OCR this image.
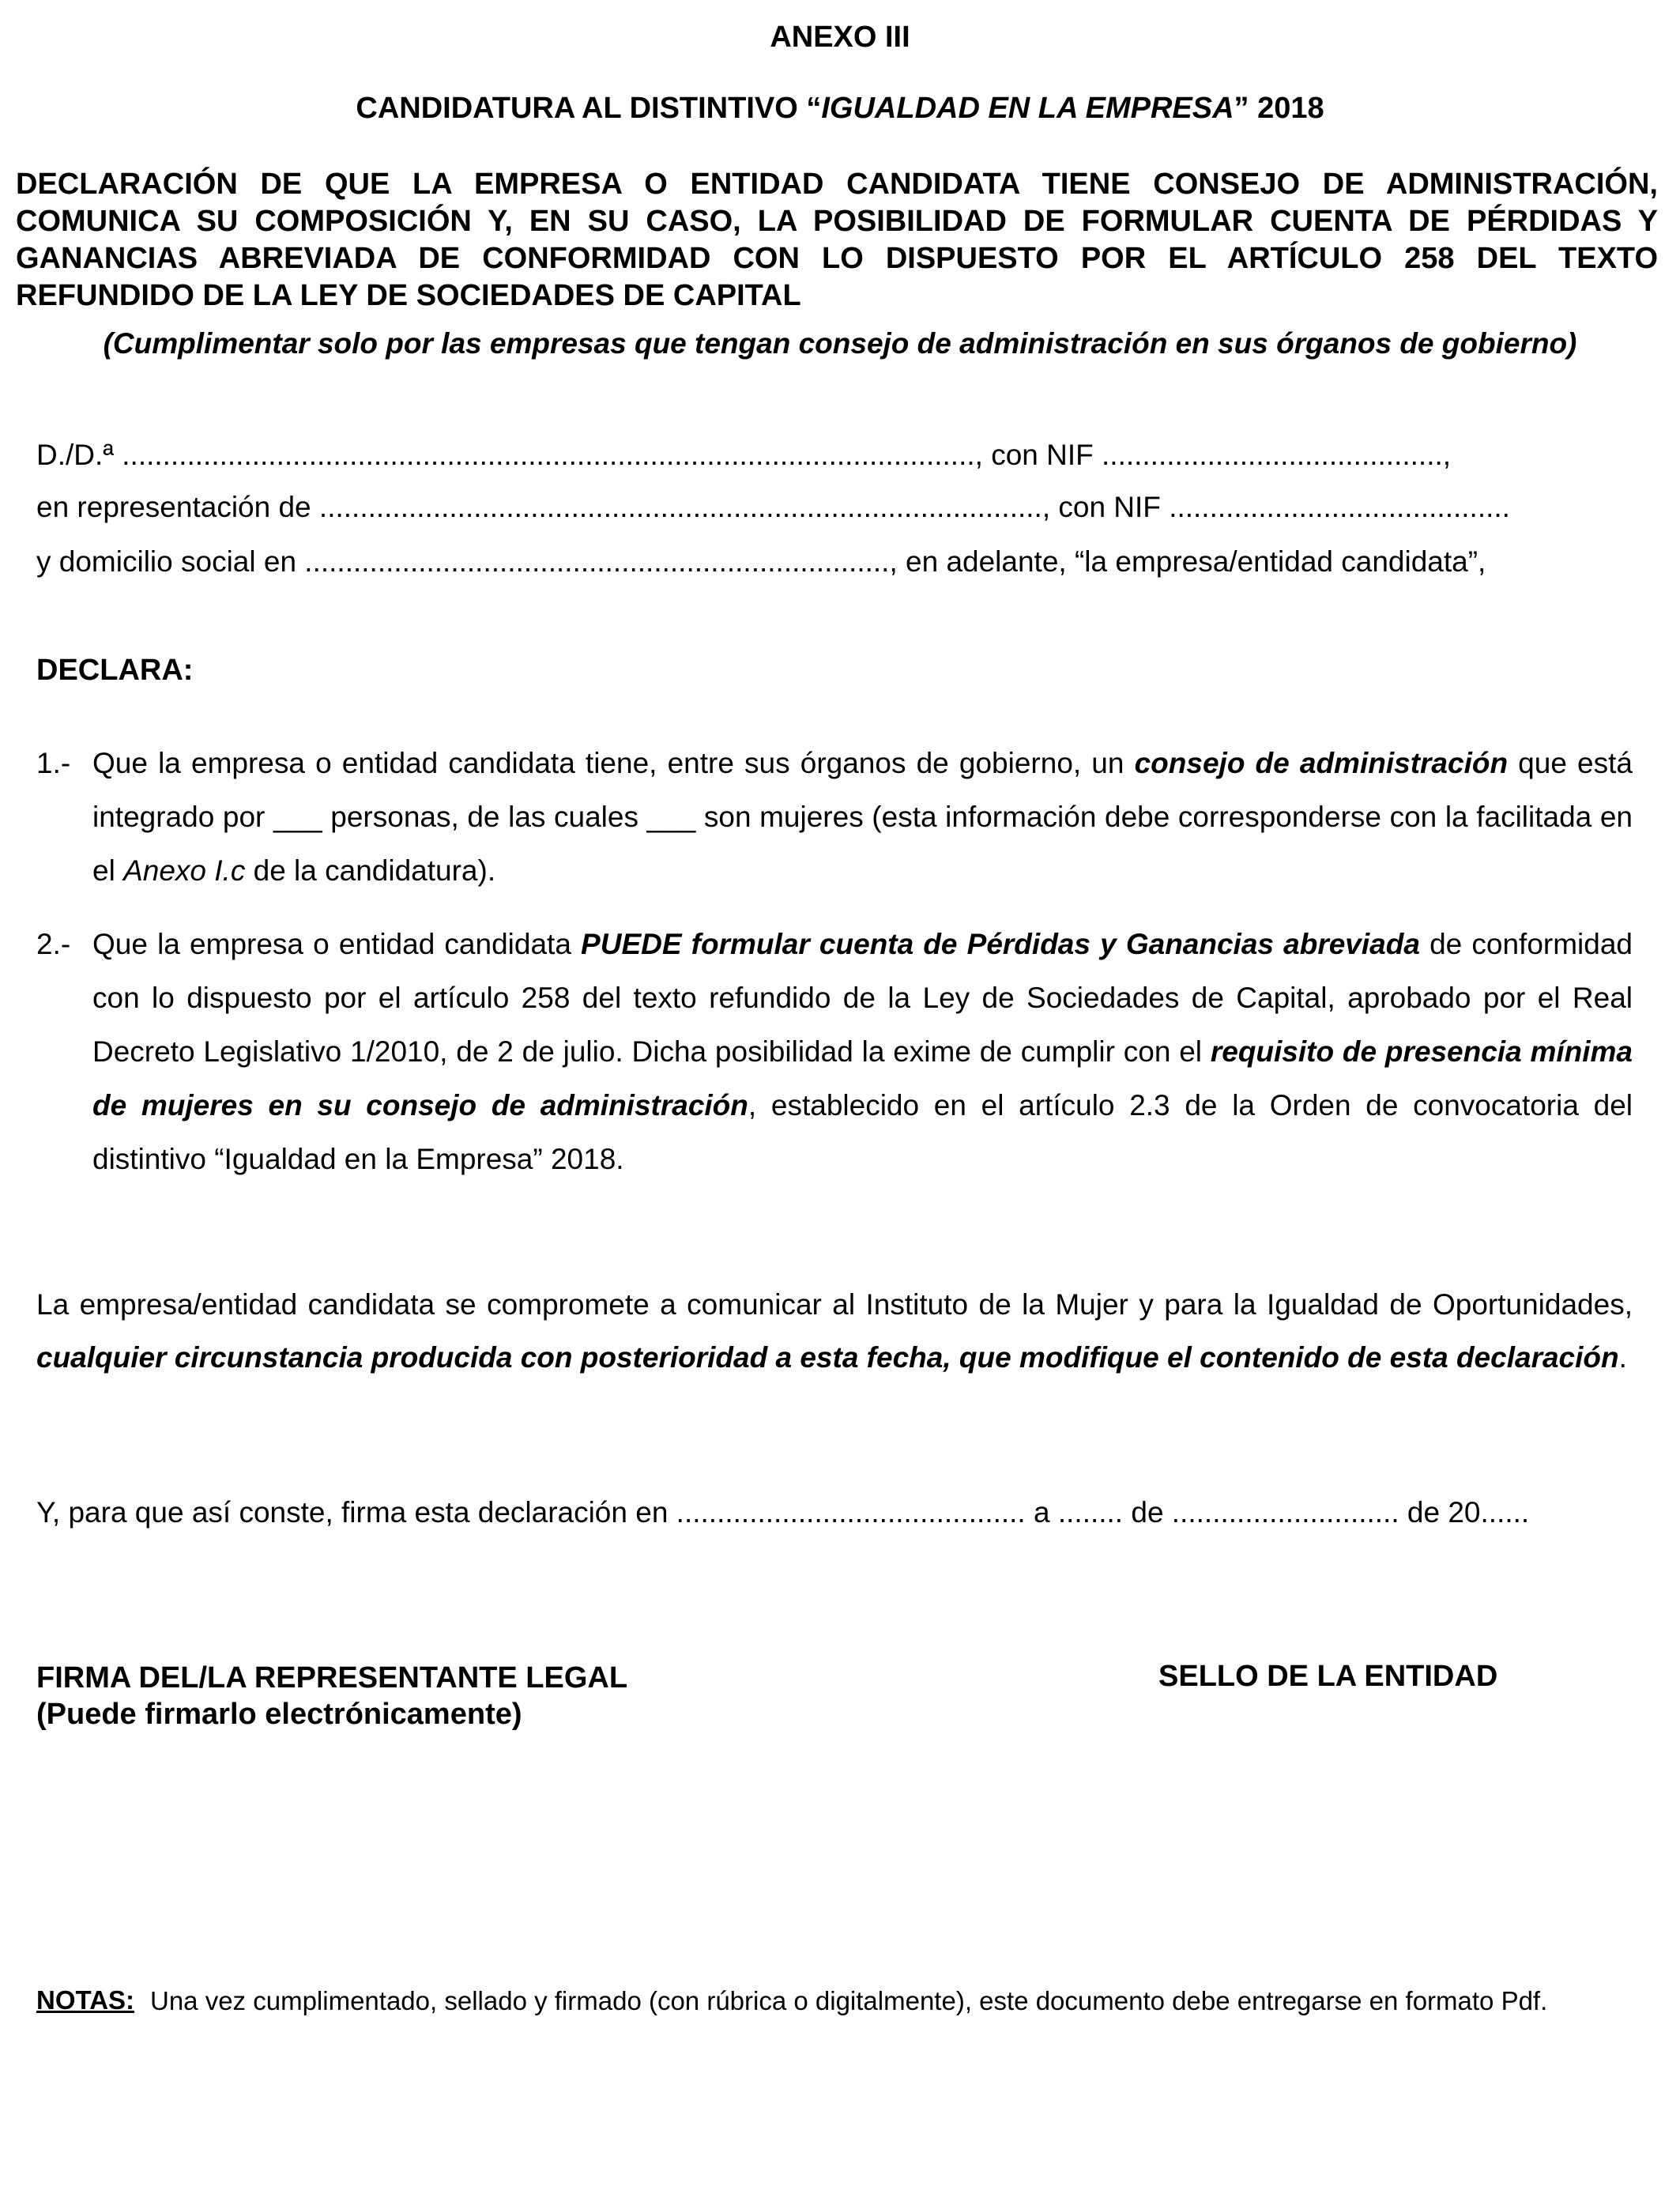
ANEXO III
CANDIDATURA AL DISTINTIVO “IGUALDAD EN LA EMPRESA” 2018
DECLARACIÓN DE QUE LA EMPRESA O ENTIDAD CANDIDATA TIENE CONSEJO DE ADMINISTRACIÓN,
COMUNICA SU COMPOSICIÓN Y, EN SU CASO, LA POSIBILIDAD DE FORMULAR CUENTA DE PÉRDIDAS Y
GANANCIAS ABREVIADA DE CONFORMIDAD CON LO DISPUESTO POR EL ARTÍCULO 258 DEL TEXTO
REFUNDIDO DE LA LEY DE SOCIEDADES DE CAPITAL
(Cumplimentar solo por las empresas que tengan consejo de administración en sus órganos de gobierno)
D./D.ª ........................................................................................................., con NIF ..........................................,
en representación de ........................................................................................., con NIF ..........................................
y domicilio social en ........................................................................, en adelante, “la empresa/entidad candidata”,
DECLARA:
1.- Que la empresa o entidad candidata tiene, entre sus órganos de gobierno, un consejo de administración que está integrado por ___ personas, de las cuales ___ son mujeres (esta información debe corresponderse con la facilitada en el Anexo I.c de la candidatura).
2.- Que la empresa o entidad candidata PUEDE formular cuenta de Pérdidas y Ganancias abreviada de conformidad con lo dispuesto por el artículo 258 del texto refundido de la Ley de Sociedades de Capital, aprobado por el Real Decreto Legislativo 1/2010, de 2 de julio. Dicha posibilidad la exime de cumplir con el requisito de presencia mínima de mujeres en su consejo de administración, establecido en el artículo 2.3 de la Orden de convocatoria del distintivo “Igualdad en la Empresa” 2018.
La empresa/entidad candidata se compromete a comunicar al Instituto de la Mujer y para la Igualdad de Oportunidades, cualquier circunstancia producida con posterioridad a esta fecha, que modifique el contenido de esta declaración.
Y, para que así conste, firma esta declaración en ........................................... a ........ de ............................ de 20......
FIRMA DEL/LA REPRESENTANTE LEGAL
(Puede firmarlo electrónicamente)
SELLO DE LA ENTIDAD
NOTAS: Una vez cumplimentado, sellado y firmado (con rúbrica o digitalmente), este documento debe entregarse en formato Pdf.
